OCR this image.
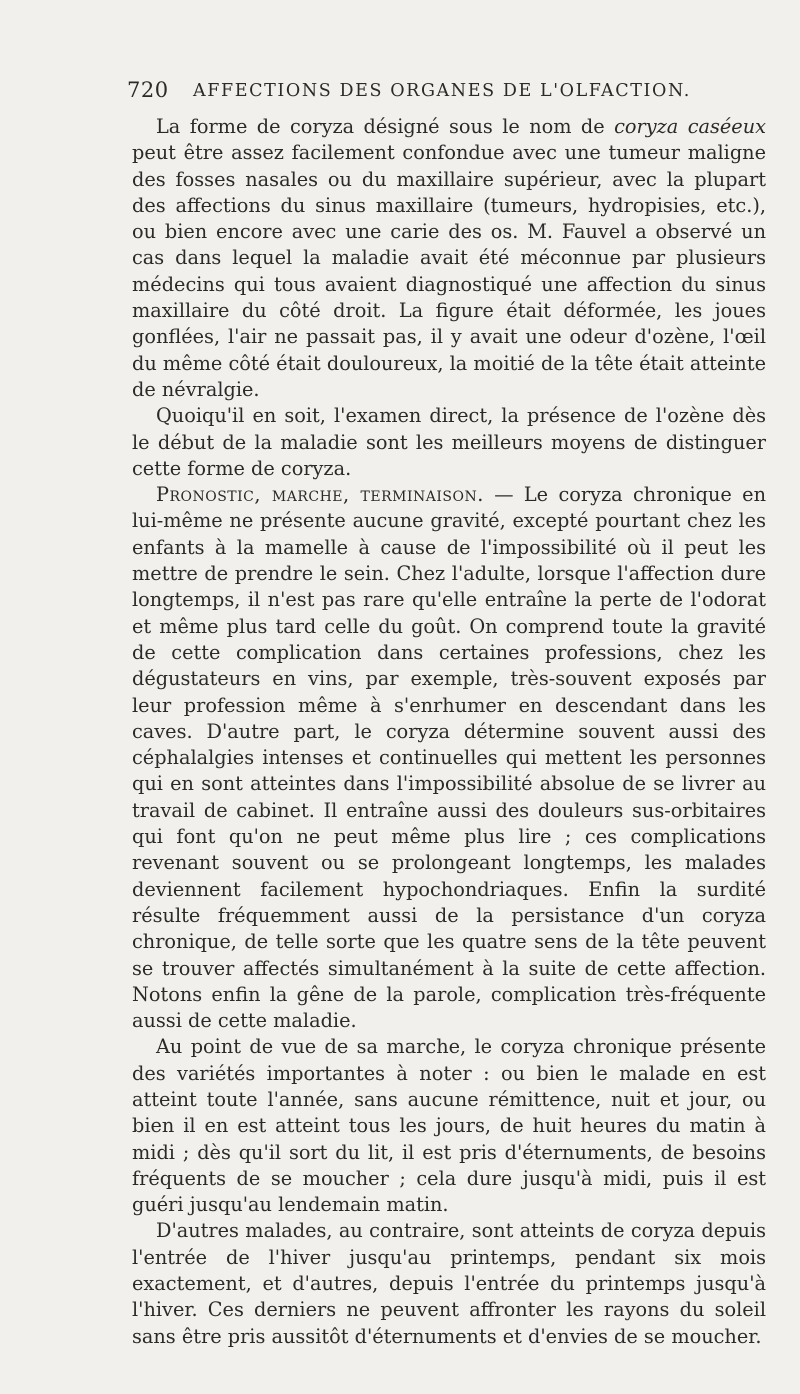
720 AFFECTIONS DES ORGANES DE L'OLFACTION.

La forme de coryza désigné sous le nom de coryza caséeux peut être assez facilement confondue avec une tumeur maligne des fosses nasales ou du maxillaire supérieur, avec la plupart des affections du sinus maxillaire (tumeurs, hydropisies, etc.), ou bien encore avec une carie des os. M. Fauvel a observé un cas dans lequel la maladie avait été méconnue par plusieurs médecins qui tous avaient diagnostiqué une affection du sinus maxillaire du côté droit. La figure était déformée, les joues gonflées, l'air ne passait pas, il y avait une odeur d'ozène, l'œil du même côté était douloureux, la moitié de la tête était atteinte de névralgie.

Quoiqu'il en soit, l'examen direct, la présence de l'ozène dès le début de la maladie sont les meilleurs moyens de distinguer cette forme de coryza.

Pronostic, marche, terminaison. — Le coryza chronique en lui-même ne présente aucune gravité, excepté pourtant chez les enfants à la mamelle à cause de l'impossibilité où il peut les mettre de prendre le sein. Chez l'adulte, lorsque l'affection dure longtemps, il n'est pas rare qu'elle entraîne la perte de l'odorat et même plus tard celle du goût. On comprend toute la gravité de cette complication dans certaines professions, chez les dégustateurs en vins, par exemple, très-souvent exposés par leur profession même à s'enrhumer en descendant dans les caves. D'autre part, le coryza détermine souvent aussi des céphalalgies intenses et continuelles qui mettent les personnes qui en sont atteintes dans l'impossibilité absolue de se livrer au travail de cabinet. Il entraîne aussi des douleurs sus-orbitaires qui font qu'on ne peut même plus lire ; ces complications revenant souvent ou se prolongeant longtemps, les malades deviennent facilement hypochondriaques. Enfin la surdité résulte fréquemment aussi de la persistance d'un coryza chronique, de telle sorte que les quatre sens de la tête peuvent se trouver affectés simultanément à la suite de cette affection. Notons enfin la gêne de la parole, complication très-fréquente aussi de cette maladie.

Au point de vue de sa marche, le coryza chronique présente des variétés importantes à noter : ou bien le malade en est atteint toute l'année, sans aucune rémittence, nuit et jour, ou bien il en est atteint tous les jours, de huit heures du matin à midi ; dès qu'il sort du lit, il est pris d'éternuments, de besoins fréquents de se moucher ; cela dure jusqu'à midi, puis il est guéri jusqu'au lendemain matin.

D'autres malades, au contraire, sont atteints de coryza depuis l'entrée de l'hiver jusqu'au printemps, pendant six mois exactement, et d'autres, depuis l'entrée du printemps jusqu'à l'hiver. Ces derniers ne peuvent affronter les rayons du soleil sans être pris aussitôt d'éternuments et d'envies de se moucher.
